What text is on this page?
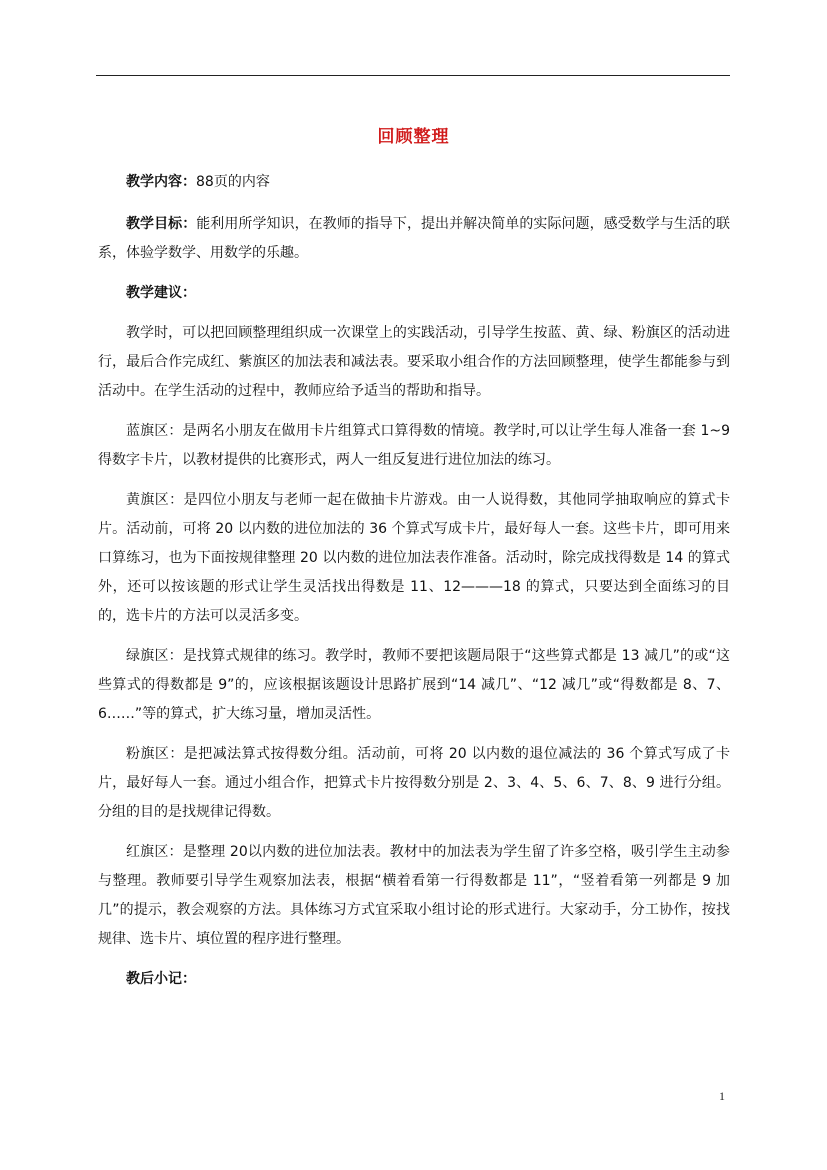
回顾整理

教学内容：88页的内容

教学目标：能利用所学知识，在教师的指导下，提出并解决简单的实际问题，感受数学与生活的联系，体验学数学、用数学的乐趣。

教学建议：

教学时，可以把回顾整理组织成一次课堂上的实践活动，引导学生按蓝、黄、绿、粉旗区的活动进行，最后合作完成红、紫旗区的加法表和减法表。要采取小组合作的方法回顾整理，使学生都能参与到活动中。在学生活动的过程中，教师应给予适当的帮助和指导。

蓝旗区：是两名小朋友在做用卡片组算式口算得数的情境。教学时,可以让学生每人准备一套 1~9 得数字卡片，以教材提供的比赛形式，两人一组反复进行进位加法的练习。

黄旗区：是四位小朋友与老师一起在做抽卡片游戏。由一人说得数，其他同学抽取响应的算式卡片。活动前，可将 20 以内数的进位加法的 36 个算式写成卡片，最好每人一套。这些卡片，即可用来口算练习，也为下面按规律整理 20 以内数的进位加法表作准备。活动时，除完成找得数是 14 的算式外，还可以按该题的形式让学生灵活找出得数是 11、12———18 的算式，只要达到全面练习的目的，选卡片的方法可以灵活多变。

绿旗区：是找算式规律的练习。教学时，教师不要把该题局限于“这些算式都是 13 减几”的或“这些算式的得数都是 9”的，应该根据该题设计思路扩展到“14 减几”、“12 减几”或“得数都是 8、7、6……”等的算式，扩大练习量，增加灵活性。

粉旗区：是把减法算式按得数分组。活动前，可将 20 以内数的退位减法的 36 个算式写成了卡片，最好每人一套。通过小组合作，把算式卡片按得数分别是 2、3、4、5、6、7、8、9 进行分组。分组的目的是找规律记得数。

红旗区：是整理 20以内数的进位加法表。教材中的加法表为学生留了许多空格，吸引学生主动参与整理。教师要引导学生观察加法表，根据“横着看第一行得数都是 11”，“竖着看第一列都是 9 加几”的提示，教会观察的方法。具体练习方式宜采取小组讨论的形式进行。大家动手，分工协作，按找规律、选卡片、填位置的程序进行整理。

教后小记：

1
